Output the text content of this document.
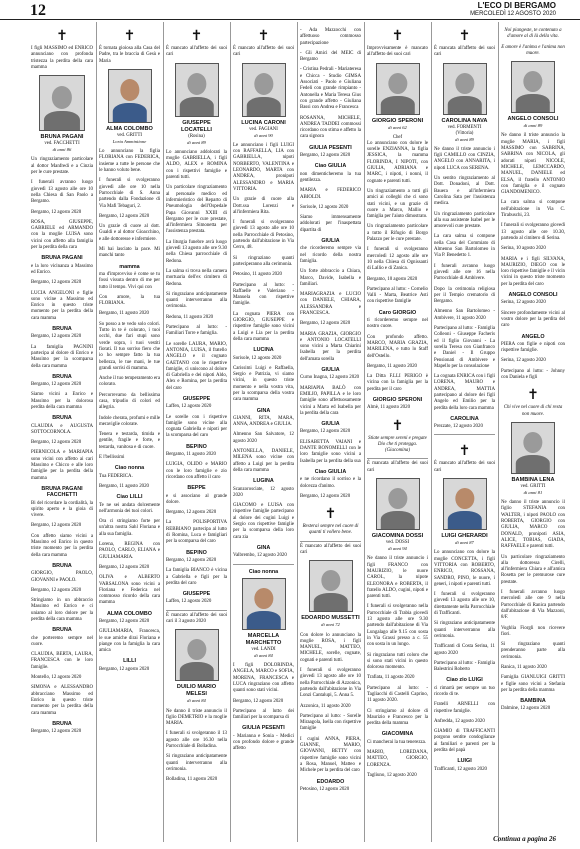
12	L'ECO DI BERGAMO
MERCOLEDÌ 12 AGOSTO 2020
✝

I figli MASSIMO ed ENRICO annunciano con profonda tristezza la perdita della cara mamma

BRUNA PAGANI
ved. FACCHETTI
di anni 86

Un ringraziamento particolare al dottor Manfredi e a Cinzia per le cure prestate.

I funerali avranno luogo giovedì 13 agosto alle ore 10 nella Chiesa di San Paolo a Bergamo.

Bergamo, 12 agosto 2020

ROSA, GIUSEPPE, GABRIELE ed ARMANDO con la moglie LUISA sono vicini con affetto alla famiglia per la perdita della cara

BRUNA PAGANI

e la loro vicinanza a Massimo ed Enrico.

Bergamo, 12 agosto 2020

LUCIA ANGELONI e figlie sono vicine a Massimo ed Enrico in questo triste momento per la perdita della cara mamma

BRUNA

Bergamo, 12 agosto 2020

La famiglia PAGNINI partecipa al dolore di Enrico e Massimo per la scomparsa della cara mamma

BRUNA

Bergamo, 12 agosto 2020

Siamo vicini a Enrico e Massimo per la dolorosa perdita della cara mamma

BRUNA

CLAUDIA e AUGUSTA SOTTOCORNOLA.

Bergamo, 12 agosto 2020

PIERNICOLA e MARIAPIA sono vicini con affetto ai cari Massimo e Chicco e alle loro famiglie per la perdita della mamma

BRUNA PAGANI FACCHETTI

Bi del ricordare la cordialità, la spirito aperto e la gioia di vivere.

Bergamo, 12 agosto 2020

Con affetto siamo vicini a Massimo ed Enrico in questo triste momento per la perdita della cara mamma

BRUNA

GIORGIO, PAOLO, GIOVANNI e PAOLO.

Bergamo, 12 agosto 2020

Stringiamo in un abbraccio Massimo ed Enrico e ci uniamo al loro dolore per la perdita della cara mamma

BRUNA

che porteremo sempre nel cuore.

CLAUDIA, BERTA, LAURA, FRANCESCA con le loro famiglie.

Montello, 12 agosto 2020

SIMONA e ALESSANDRO abbracciano Massimo ed Enrico in questo triste momento per la perdita della cara mamma

BRUNA

Bergamo, 12 agosto 2020

✝

È tornata gioiosa alla Casa del Padre, tra le braccia di Gesù e Maria

ALMA COLOMBO
ved. GRITTI
Loria Ammintione

Lo annunciano la figlia FLORIANA con FEDERICA, insieme a tutte le persone che le hanno voluto bene.

I funerali si svolgeranno giovedì alle ore 10 nella Parrocchiale di S. Anna partendo dalla Fondazione di Via Mafi Tebaguri, 2.

Bergamo, 12 agosto 2020

Un grazie di cuore al dott. Gualdi e al dottor Gioacchino, e alle dottoresse e infermiere.

Mi hai lasciato la pace. Mi manchi tanto

mamma

ma d'improvviso è come se tu fossi vissuta dentro di me per tutto il tempo. Vivi qui con

Con amore, la tua FLORIANA.

Bergamo, 11 agosto 2020

So posso a te vedo solo colori. Tutto in te è colorato, i tuoi occhi, due fari stupi sono verde sopra, i tuoi vestiti fiorati. Il tuo sorriso fiero che io ho sempre fatto la tua bellezza, le tue mani, le tue grandi sorrisi di mamma.

Anche il tuo temperamento era colorato.

Percorrevamo da bellissima casa, tripudio di colori ed allegria.

Indole cherata, profumi e mille meraviglie colorate.

Tenera e testarda, timida e gentile, fragile e forte, e testarda, vanitosa e di cuore.

E l'bellissimi

Ciao nonna

Tua FEDERICA.

Bergamo, 11 agosto 2020

Ciao LILLI

Te ne sei andata dolcemente nell'armonia dei tuoi colori.

Ora ci stringiamo forte per un'altra nostra Sahl Floriana e alla sua famiglia.

Lorena, REGINA con PAOLO, CARLO, ELIANA e GIULIAMARIA.

Bergamo, 12 agosto 2020

OLIVA e ALBERTO VARSALONA sono vicini a Floriana e Federica nel commosso ricordo della cara mamma

ALMA COLOMBO

Bergamo, 12 agosto 2020

GIULIAMARIA, Francesca, le sue amiche dirai Floriana e piange con la famiglia la cara amica

LILLI

Bergamo, 12 agosto 2020

✝

È mancato all'affetto dei suoi cari

GIUSEPPE LOCATELLI
(Rosina)
di anni 89

Lo annunciano addolorati la moglie GABRIELLA, i figli ALDO, ALEX e ROMINA con i rispettivi famiglie e parenti tutti.

Un particolare ringraziamento al personale medico ed infermieristico del Reparto di Pneumologia dell'Ospedale Papa Giovanni XXIII di Bergamo per le cure prestate, all'infermiera Simonetta per l'assistenza prestata.

La liturgia funebre avrà luogo giovedì 13 agosto alle ore 9.30 nella Chiesa parrocchiale di Redona.

La salma si trova nella camera mortuaria dell'ex cimitero di Redona.

Si ringraziano anticipatamente quanti interverranno alla cerimonia.

Redona, 11 agosto 2020

Partecipano al lutto: - Familiari Torre e famiglia.

Le sorelle LAURA, MARIO, ANTONIA, LUISA, il fratello ANGELO e il cognato GAETANO con le rispettive famiglie, ci uniscono al dolore di Gabriella e dei nipoti Aldo, Alex e Romina, per la perdita del caro

GIUSEPPE

Laffen, 12 agosto 2020

Le sorelle con i rispettive famiglie sono vicine alla cognata Gabriella e nipoti per la scomparsa del caro

BEPINO

Bergamo, 11 agosto 2020

LUIGIA, OLIDO e MARIO con le loro famiglie e zio ricordano con affetto il caro

BEPPE

e si associano al grande dolore.

Bergamo, 12 agosto 2020

La POLISPORTIVA REBBIANO partecipa al lutto di Romina, Luca e famigliari per la scomparsa del caro

BEPINO

Bergamo, 12 agosto 2020

La famiglia BIANCO è vicina a Gabriella e figli per la perdita del caro

GIUSEPPE

Laffen, 12 agosto 2020

È mancato all'affetto dei suoi cari il 3 agosto 2020

DUILIO MARIO MELESI
di anni 84

Ne danno il triste annuncio il figlio DEMETRIO e la moglie MARIA.

I funerali si svolgeranno il 13 agosto alle ore 16.30 nella Parrocchiale di Bolladina.

Si ringraziano anticipatamente quanti interverranno alla cerimonia.

Bolladina, 11 agosto 2020

✝

È mancato all'affetto dei suoi cari

LUCINA CARONI
ved. FAGIANI
di anni 90

Le annunciano i figli LUIGI con RAFFAELLA, LIA con GABRIELLA, nipoti NORBERTO, VALENTINA e LEONARDO, MARTA con ANDREA, pronipoti ALESSANDRO e MARIA VITTORIA.

Un grazie di cuore alla Dott.ssa Lorenzi e all'infermiera Rita.

I funerali si svolgeranno giovedì 13 agosto alle ore 10 nella Parrocchiale di Petosino, partendo dall'abitazione in Via Cerro, 48.

Si ringraziano quanti parteciperanno alla cerimonia.

Petosino, 11 agosto 2020

Partecipano al lutto: - Raffaelle e Valeriano - Manuela con rispettive famiglie.

La cognata PIERA con GIORGIO, GIUSEPPE e rispettive famiglie sono vicini a Luigi e Lia per la perdita della cara mamma

LUCINA

Sorisole, 12 agosto 2020

Carissimi Luigi e Raffaella, Sergio e Patrizia, vi siamo vicini, in questo triste momento e nella vostra vita, per la scomparsa della vostra cara mamma

GINA

GIANNI, RITA, MARA, ANNA, ANDREA e GIULIA.

Almenno San Salvatore, 12 agosto 2020

ANTONELLA, DANIELE, MILENA sono vicine con affetto a Luigi per la perdita della cara mamma

LUGINA

Scanzorosciate, 12 agosto 2020

GIACOMO e LUISA con rispettive famiglie partecipano al dolore dei cugini Luigi e Sergio con rispettive famiglie per la scomparsa della loro cara zia

GINA

Valbrembo, 12 agosto 2020

Ciao nonna
MARCELLA MARCHETTO
ved. LANDI
di anni 84

I figli DOLORINDA, ANGELA, MARCO e SOFIA, MORENA, FRANCESCA e LUCA ringraziano con affetto quanti sono stati vicini.

Bergamo, 12 agosto 2020

Partecipano al lutto dei familiari per la scomparsa di

GIULIA PESENTI

- Marianna e Sonia - Medici con profondo dolore e grande affetto

- Ada Mazzocchi con affettuoso commosso partecipazione

- Gli Amici del MEIC di Bergamo

- Cristina Pedrali - Mariateresa e Chicca - Studio GIMSA Associati - Paolo e Giuliana Fedeli con grande rimpianto - Antonella e Maria Teresa Gius con grande affetto - Giuliana Bassi con Andrea e Francesca

ROSANNA, MICHELE, ANDREA TADDEI commossi ricordano con stima e affetto la cara signora

GIULIA PESENTI

Bergamo, 12 agosto 2020

Ciao GIULIA

non dimenticheremo la tua gentilezza.

MARIA e FEDERICO ABIOLDI.

Sorisole, 12 agosto 2020

Siamo immensamente addolorati per l'inaspettata dipartita di

GIULIA

che ricorderemo sempre via nel ricordo della nostra famiglia.

Un forte abbraccio a Chiara, Marco, Davide, Isabella e familiari.

MARIAGRAZIA e LUCIO con DANIELE, CHIARA, ALESSANDRA e FRANCESCA.

Bergamo, 12 agosto 2020

MARIA GRAZIA, GIORGIO e ANTONIO LOCATELLI sono vicini a Marta Chiarini Isabella per la perdita dell'amata sorella

GIULIA

Curno Inagna, 12 agosto 2020

MARIAPIA BALÒ con EMILIO, PAPILLA e le loro famiglie sono affettuosamente vicini a Marta ed Isabella per la perdita della cara

GIULIA

Bergamo, 12 agosto 2020

ELISABETTA VAIANI e DANTE BONOMELLI con le loro famiglie sono vicini a Isabella per la perdita della sua

Ciao GIULIA

e ne ricordano il sorriso e la dolcezza d'animo.

Bergamo, 12 agosto 2020

✝

Resterai sempre nel cuore di quanti ti vollero bene.

È mancato all'affetto dei suoi cari

EDOARDO MUSSETTI
di anni 72

Con dolore lo annunciano la moglie ROSA, i figli MANUEL, MATTEO, MICHELE, sorelle, cognate, cognati e parenti tutti.

I funerali si svolgeranno giovedì 13 agosto alle ore 10 nella Parrocchiale di Azzonica, partendo dall'abitazione in Via Lonzi Cantalupi, 5. Anna 5.

Azzonica, 11 agosto 2020

Partecipano al lutto: - Sorelle Miraagola, Isella con rispettive famiglie

I cugini ANNA, PIERA, GIANNE, MARIO, GIOVANNI, BETTY con rispettive famiglie sono vicini a Rosa, Manuel, Matteo e Michele per la perdita del caro

EDOARDO

Petosino, 12 agosto 2020

✝

Improvvisamente è mancato all'affetto dei suoi cari

GIORGIO SPERONI
di anni 62
Chef

Lo annunciano con dolore le sorelle ENZIANNA, la figlia JESSICA, la mamma FLORINDA, I NIPOTI, con GIULIA, ADRIANA e MARC, i nipoti, i nonni, il cognato e parenti tutti.

Un ringraziamento a tutti gli amici ai colleghi che ci sono stati vicini, e un grazie di cuore a Marco, Mallio e famiglia per l'aiuto dimostrato.

Un ringraziamento particolare a tutto il Rifugio di Borgo Palazzo per le cure prestate.

I funerali si svolgeranno mercoledì 12 agosto alle ore 10 nella Chiesa di Ognissanti di Lallio e di Zanica.

Bergamo, 10 agosto 2020

Partecipano al lutto: - Cornelio Valli - Marta, Beatrice Asti con rispettive famiglie

Caro GIORGIO

ti ricorderemo sempre nel nostro cuore.

Con profondo affetto. MARCO, MARIA GRAZIA, MARILENA, e tutto lo Staff dell'Ostello.

Bergamo, 11 agosto 2020

La Ditta F.LLI PERIGO è vicina con la famiglia per la perdita per il caro

GIORGIO SPERONI

Almè, 11 agosto 2020

✝

Stiate sempre sereni e pregate Dio che ti protegga. (Giacomina)

È mancata all'affetto dei suoi cari

GIACOMINA DOSSI
ved. DOSSI
di anni 94

Ne danno il triste annuncio i figli FRANCO con MAURIZIO, le nuore CAROL, la nipote ELEONORA e ROBERTA, il fratello ALDO, cugini, nipoti e parenti tutti.

I funerali si svolgeranno nella Parrocchiale di Trabia giovedì 13 agosto alle ore 9.30 partendo dall'abitazione di Via Lungalago alle 9.15 con sosta in Via Grassi presso a c. 55 con sosta in un lungo.

Si ringraziano tutti coloro che si sono stati vicini in questo doloroso momento.

Trafiata, 11 agosto 2020

Partecipano al lutto: - Tagliacchi di Castelli Caprino, 11 agosto 2020.

Ci stringiamo al dolore di Maurizio e Francesco per la perdita della mamma

GIACOMINA

Ci mancherai la tua tenerezza.

MARIO, LOREDANA, MATTEO, GIORGIO, LORENZA.

Tagliuno, 12 agosto 2020

✝

È mancata all'affetto dei suoi cari

CAROLINA NAVA
ved. FORMENTI
(Vittoria)
di anni 89

Ne danno il triste annuncio i figli CAMILLO con CINZIA, ANGELO con ANNARITA, i nipoti LUCA con SERENA.

Un sentito ringraziamento al Dott. Donadoni, al Dott. Bauera e all'infermiera Carolina Sata per l'assistenza medica.

Un ringraziamento particolare alla sua assistente Isabel per le amorevoli cure prestate.

La cara salma si compone nella Casa del Commiato di Almenno San Bartolomeo in Via P. Benedetto 1.

I funerali avranno luogo giovedì alle ore 16 nella Parrocchiale di Ambivere.

Dopo la cerimonia religiosa per il Tempio crematorio di Bergamo.

Almenno San Bartolomeo - Ambivere, 11 agosto 2020

Partecipano al lutto: - Famiglia Colleoni - Giuseppe Facheris ed il figlio Giovanni - La sorella Teresa con Gianfranco e Daniel - Il Gruppo Pensionati di Ambivere e Mapello per la consolazione

La cognata ENRICA con i figli LORENA, MAURO e ANDREA, MATTIA partecipano al dolore dei figli Angelo ed Emilio per la perdita della loro cara mamma

CAROLINA

Prezzate, 12 agosto 2020

✝

È mancato all'affetto dei suoi cari

LUIGI GHERARDI
di anni 87

Lo annunciano con dolore la moglie CONCETTA, i figli VITTORIA con ROBERTO, ENRICO, ROSSANA, SANDRO, PINO, le nuore, i generi, i nipoti e parenti tutti.

I funerali si svolgeranno giovedì 13 agosto alle ore 10, direttamente nella Parrocchiale di Trafficanti.

Si ringraziano anticipatamente quanti interverranno alla cerimonia.

Trafficanti di Costa Serina, 11 agosto 2020

Partecipano al lutto: - Famiglia Balestrini Roberto

Ciao zio LUIGI

ci rimarrà per sempre un tuo ricordo di te.

Fratelli ARNELLI con rispettive famiglie.

Anfredda, 12 agosto 2020

GIAMIO di TRAFFICANTI porgono sentite condoglianze ai familiari e parenti per la perdita del papà

LUIGI

Trafficanti, 12 agosto 2020

Noi piangeste, te contenuto a d'amore al di là della vita.

E amore è l'anima e l'anima non muore.

ANGELO CONSOLI
di anni 89

Ne danno il triste annuncio la moglie MARIA, i figli MASSIMO con SABRINA, SABRINA con NICOLA, gli adorati nipoti NICOLE, MICHELE, LEMCCARDO, MANUEL, DANIELE ed ELSA, il fratello ANTONIO con famiglia e il cognato GIANDOMENICO.

La cara salma si compone nell'abitazione in Via C. Tirabuschi, 23.

I funerali si svolgeranno giovedì 13 agosto alle ore 10.30, partendo al cimitero di Serina.

Serina, 10 agosto 2020

MARIA e i figli SILVANA, MAURIZIO, DIEGO con le loro rispettive famiglie e il vicin vicini in questo triste momento per la perdita del caro

ANGELO CONSOLI

Serina, 12 agosto 2020

Sincere profondamente vicini al vostro dolore per la perdita del caro

ANGELO

PIERA con figlie e nipoti con rispettive famiglie.

Serina, 12 agosto 2020

Partecipano al lutto: - Johnny con Daniela e figli

✝

Chi vive nel cuore di chi resta non muore.

BAMBINA LENA
ved. GRITTI
di anni 81

Ne danno il triste annuncio il figlio STEFANIA con WALTER, i nipoti PAOLO con ROBERTA, GIORGIO con GIULIA, MARCO con DONALD, pronipoti ASIA, ALICE, TOBIAS, GIADA, RAFFAELE e parenti tutti.

Un particolare ringraziamento alla dottoressa Cirelli, all'infermiera Chiara e all'amica Rosetta per le premurose cure prestate.

I funerali avranno luogo mercoledì alle ore 9 nella Parrocchiale di Ranica partendo dall'abitazione di Via Mazzoni, 8/F.

Voghlia Fiorgli non ricevere fiori.

Si ringraziano quanti prenderanno parte alla cerimonia.

Ranica, 11 agosto 2020

Famiglia GIANLUIGI GRITTI e figlie sono vicini a Stefania per la perdita della mamma

BAMBINA

Dalmine, 12 agosto 2020

Continua a pagina 26
